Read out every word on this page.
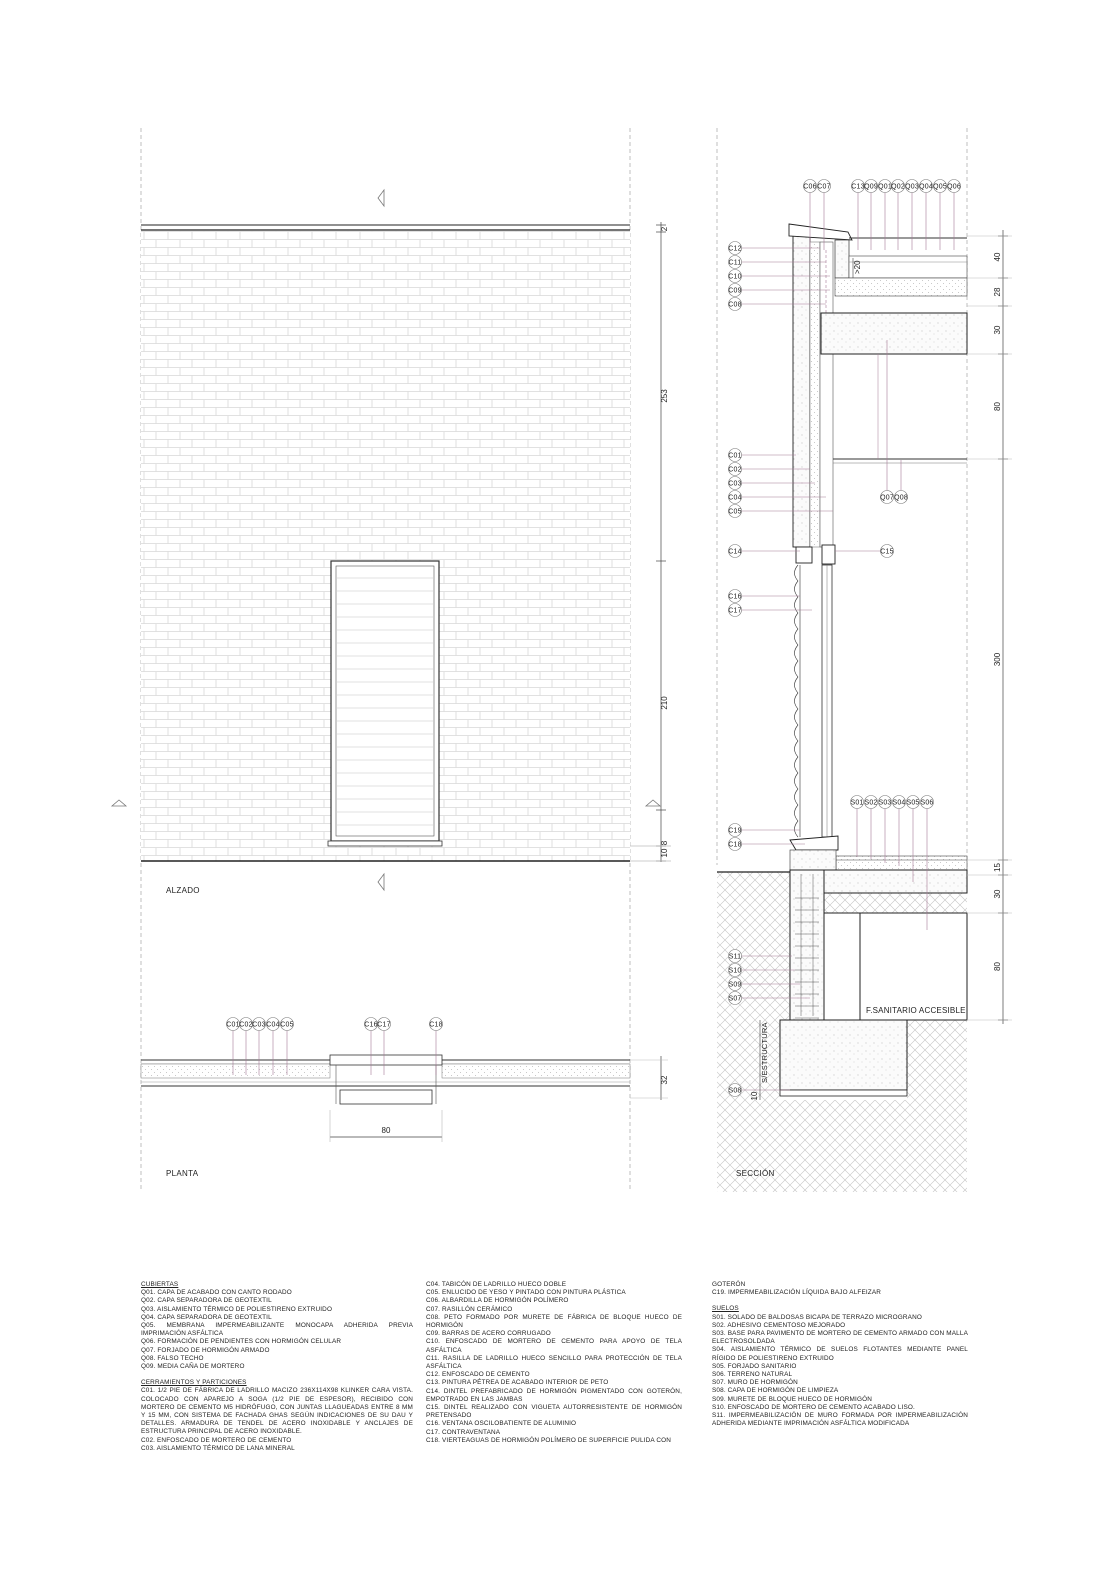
2
253
210
10
8
ALZADO
C01 C02 C03 C04 C05	C16 C17	C18
80
32
PLANTA
C06 C07	C13 Q09 Q01 Q02 Q03 Q04 Q05 Q06
C12
C11
C10
C09
C08
C01
C02
C03
C04
C05
C14
C16
C17
C19
C18
S11
S10
S09
S07
S08
C15
Q07 Q08
S01 S02 S03 S04 S05 S06
40
28
30
80
300
15
30
80
>20
F.SANITARIO ACCESIBLE
S/ESTRUCTURA
10
SECCIÓN

CUBIERTAS

Q01. CAPA DE ACABADO CON CANTO RODADO

Q02. CAPA SEPARADORA DE GEOTEXTIL

Q03. AISLAMIENTO TÉRMICO DE POLIESTIRENO EXTRUIDO

Q04. CAPA SEPARADORA DE GEOTEXTIL

Q05. MEMBRANA IMPERMEABILIZANTE MONOCAPA ADHERIDA PREVIA IMPRIMACIÓN ASFÁLTICA

Q06. FORMACIÓN DE PENDIENTES CON HORMIGÓN CELULAR

Q07. FORJADO DE HORMIGÓN ARMADO

Q08. FALSO TECHO

Q09. MEDIA CAÑA DE MORTERO

CERRAMIENTOS Y PARTICIONES

C01. 1/2 PIE DE FÁBRICA DE LADRILLO MACIZO 236X114X98 KLINKER CARA VISTA. COLOCADO CON APAREJO A SOGA (1/2 PIE DE ESPESOR), RECIBIDO CON MORTERO DE CEMENTO M5 HIDRÓFUGO, CON JUNTAS LLAGUEADAS ENTRE 8 MM Y 15 MM, CON SISTEMA DE FACHADA GHAS SEGÚN INDICACIONES DE SU DAU Y DETALLES. ARMADURA DE TENDEL DE ACERO INOXIDABLE Y ANCLAJES DE ESTRUCTURA PRINCIPAL DE ACERO INOXIDABLE.

C02. ENFOSCADO DE MORTERO DE CEMENTO

C03. AISLAMIENTO TÉRMICO DE LANA MINERAL

C04. TABICÓN DE LADRILLO HUECO DOBLE

C05. ENLUCIDO DE YESO Y PINTADO CON PINTURA PLÁSTICA

C06. ALBARDILLA DE HORMIGÓN POLÍMERO

C07. RASILLÓN CERÁMICO

C08. PETO FORMADO POR MURETE DE FÁBRICA DE BLOQUE HUECO DE HORMIGÓN

C09. BARRAS DE ACERO CORRUGADO

C10. ENFOSCADO DE MORTERO DE CEMENTO PARA APOYO DE TELA ASFÁLTICA

C11. RASILLA DE LADRILLO HUECO SENCILLO PARA PROTECCIÓN DE TELA ASFÁLTICA

C12. ENFOSCADO DE CEMENTO

C13. PINTURA PÉTREA DE ACABADO INTERIOR DE PETO

C14. DINTEL PREFABRICADO DE HORMIGÓN PIGMENTADO CON GOTERÓN, EMPOTRADO EN LAS JAMBAS

C15. DINTEL REALIZADO CON VIGUETA AUTORRESISTENTE DE HORMIGÓN PRETENSADO

C16. VENTANA OSCILOBATIENTE DE ALUMINIO

C17. CONTRAVENTANA

C18. VIERTEAGUAS DE HORMIGÓN POLÍMERO DE SUPERFICIE PULIDA CON

GOTERÓN

C19. IMPERMEABILIZACIÓN LÍQUIDA BAJO ALFEIZAR

SUELOS

S01. SOLADO DE BALDOSAS BICAPA DE TERRAZO MICROGRANO

S02. ADHESIVO CEMENTOSO MEJORADO

S03. BASE PARA PAVIMENTO DE MORTERO DE CEMENTO ARMADO CON MALLA ELECTROSOLDADA

S04. AISLAMIENTO TÉRMICO DE SUELOS FLOTANTES MEDIANTE PANEL RÍGIDO DE POLIESTIRENO EXTRUIDO

S05. FORJADO SANITARIO

S06. TERRENO NATURAL

S07. MURO DE HORMIGÓN

S08. CAPA DE HORMIGÓN DE LIMPIEZA

S09. MURETE DE BLOQUE HUECO DE HORMIGÓN

S10. ENFOSCADO DE MORTERO DE CEMENTO ACABADO LISO.

S11. IMPERMEABILIZACIÓN DE MURO FORMADA POR IMPERMEABILIZACIÓN ADHERIDA MEDIANTE IMPRIMACIÓN ASFÁLTICA MODIFICADA
